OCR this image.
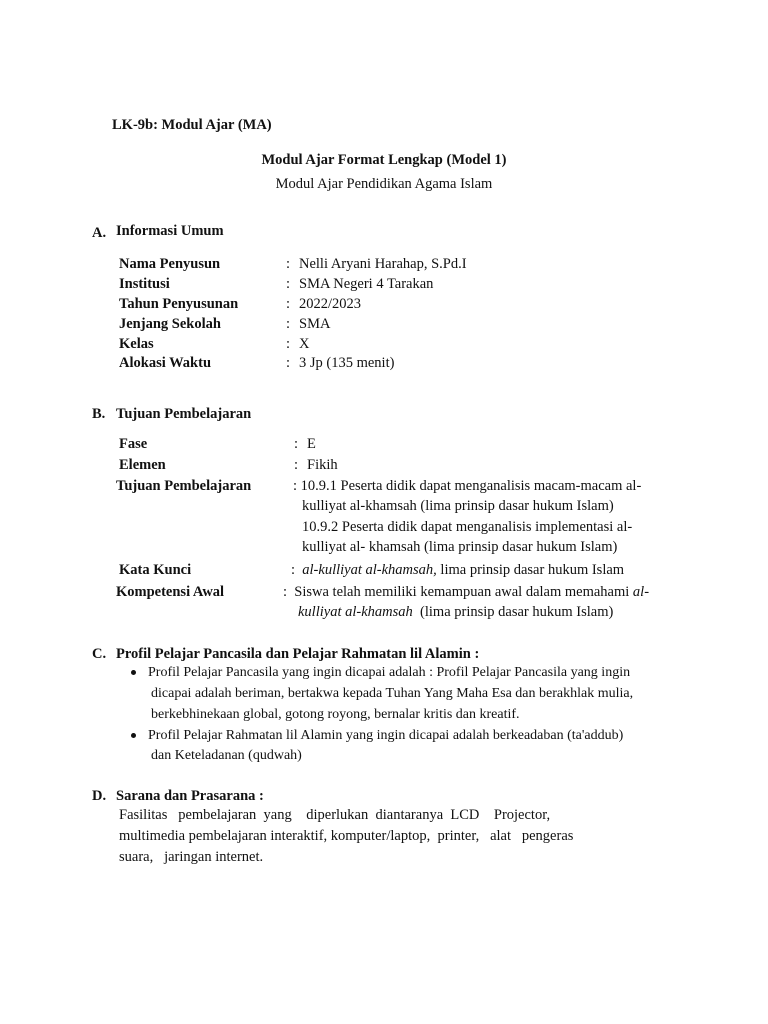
LK-9b: Modul Ajar (MA)
Modul Ajar Format Lengkap (Model 1)
Modul Ajar Pendidikan Agama Islam
A. Informasi Umum
Nama Penyusun	: Nelli Aryani Harahap, S.Pd.I
Institusi	: SMA Negeri 4 Tarakan
Tahun Penyusunan	: 2022/2023
Jenjang Sekolah	: SMA
Kelas	: X
Alokasi Waktu	: 3 Jp (135 menit)
B. Tujuan Pembelajaran
Fase	: E
Elemen	: Fikih
Tujuan Pembelajaran	: 10.9.1 Peserta didik dapat menganalisis macam-macam al-
kulliyat al-khamsah (lima prinsip dasar hukum Islam)
10.9.2 Peserta didik dapat menganalisis implementasi al-
kulliyat al- khamsah (lima prinsip dasar hukum Islam)
Kata Kunci	:  al-kulliyat al-khamsah, lima prinsip dasar hukum Islam
Kompetensi Awal	:  Siswa telah memiliki kemampuan awal dalam memahami al-
kulliyat al-khamsah (lima prinsip dasar hukum Islam)
C. Profil Pelajar Pancasila dan Pelajar Rahmatan lil Alamin :
Profil Pelajar Pancasila yang ingin dicapai adalah : Profil Pelajar Pancasila yang ingin
dicapai adalah beriman, bertakwa kepada Tuhan Yang Maha Esa dan berakhlak mulia,
berkebhinekaan global, gotong royong, bernalar kritis dan kreatif.
Profil Pelajar Rahmatan lil Alamin yang ingin dicapai adalah berkeadaban (ta'addub)
dan Keteladanan (qudwah)
D. Sarana dan Prasarana :
Fasilitas   pembelajaran  yang    diperlukan  diantaranya  LCD    Projector,
multimedia pembelajaran interaktif, komputer/laptop,  printer,   alat   pengeras
suara,   jaringan internet.
